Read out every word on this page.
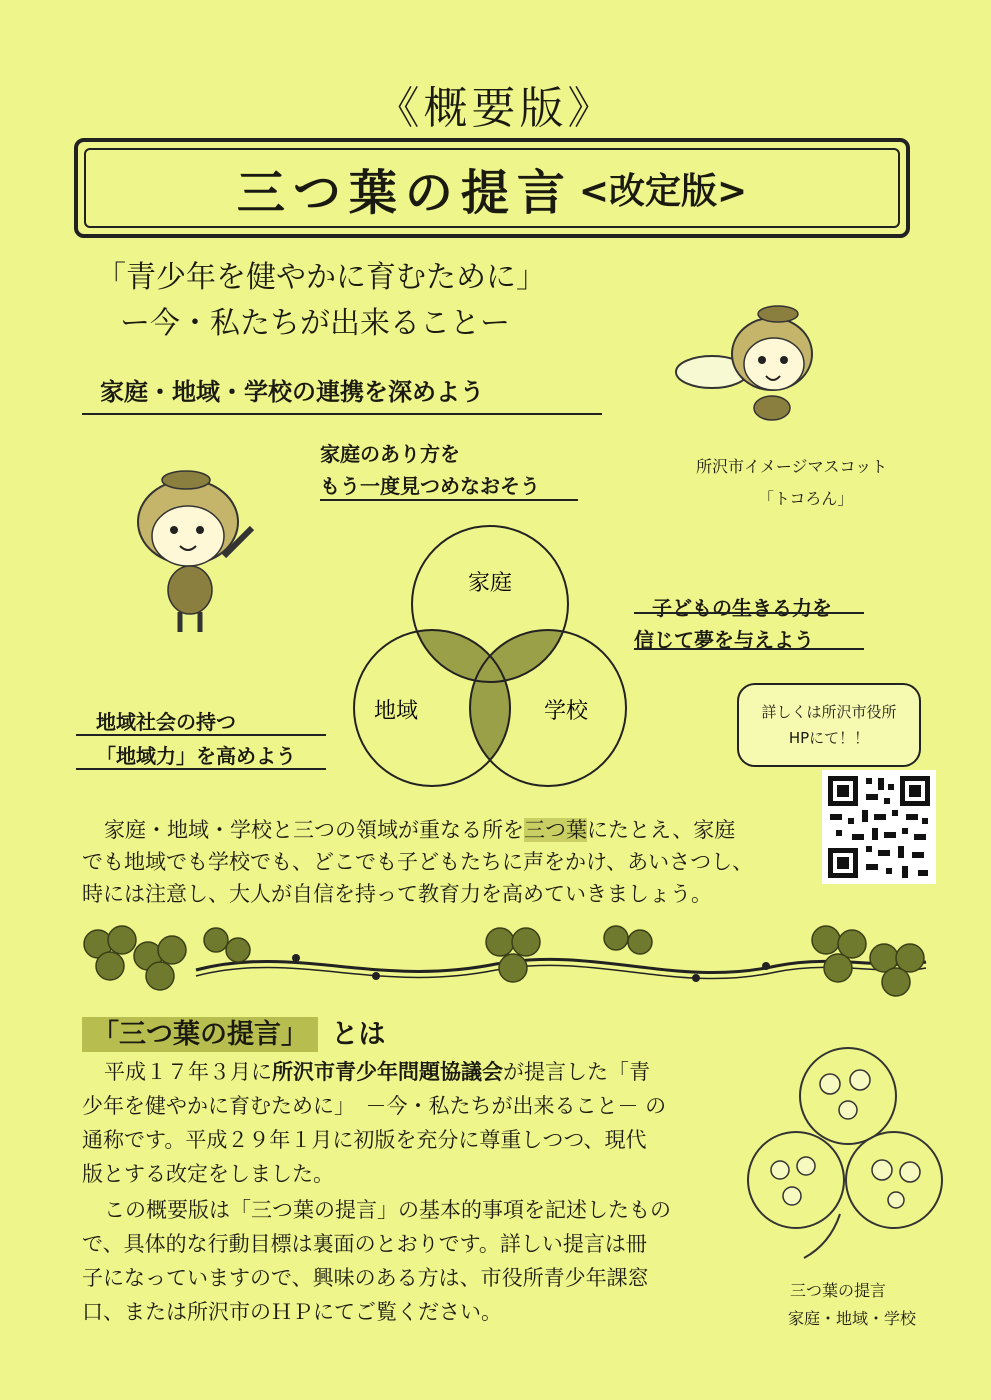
《概要版》
三つ葉の提言 <改定版>
「青少年を健やかに育むために」
ー今・私たちが出来ることー
家庭・地域・学校の連携を深めよう
所沢市イメージマスコット
「トコろん」
家庭のあり方を
もう一度見つめなおそう
家庭
地域	学校
子どもの生きる力を
信じて夢を与えよう
地域社会の持つ
「地域力」を高めよう
詳しくは所沢市役所
HPにて！！
家庭・地域・学校と三つの領域が重なる所を三つ葉にたとえ、家庭
でも地域でも学校でも、どこでも子どもたちに声をかけ、あいさつし、
時には注意し、大人が自信を持って教育力を高めていきましょう。
「三つ葉の提言」 とは
平成１７年３月に所沢市青少年問題協議会が提言した「青
少年を健やかに育むために」　－今・私たちが出来ること－ の
通称です。平成２９年１月に初版を充分に尊重しつつ、現代
版とする改定をしました。
この概要版は「三つ葉の提言」の基本的事項を記述したもの
で、具体的な行動目標は裏面のとおりです。詳しい提言は冊
子になっていますので、興味のある方は、市役所青少年課窓
口、または所沢市のＨＰにてご覧ください。
三つ葉の提言
家庭・地域・学校
